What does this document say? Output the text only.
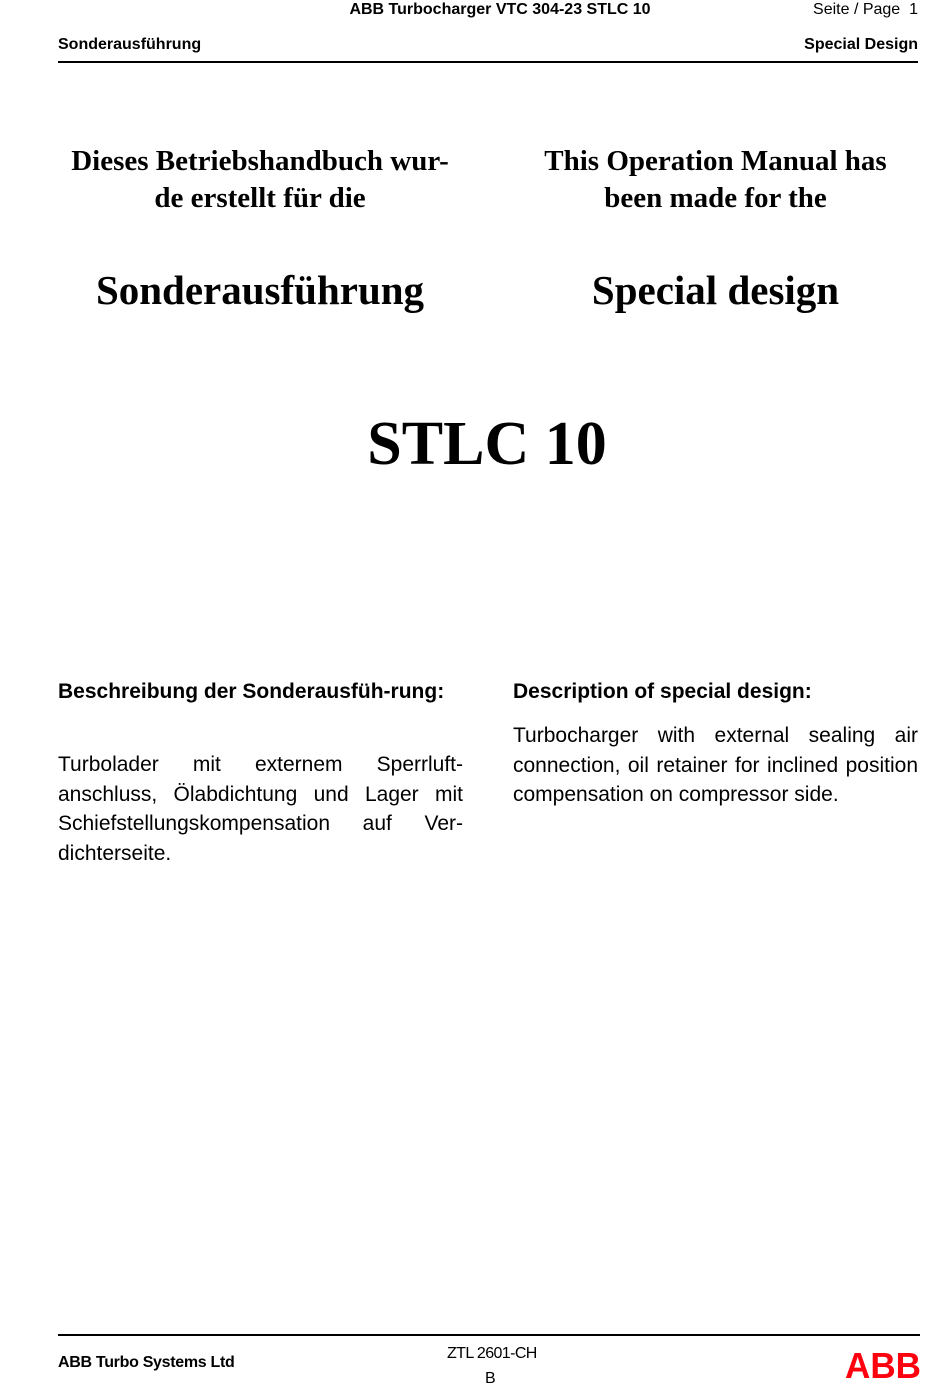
ABB Turbocharger VTC 304-23 STLC 10	Seite / Page  1
Sonderausführung	Special Design
Dieses Betriebshandbuch wur-de erstellt für die
This Operation Manual has been made for the
Sonderausführung	Special design
STLC 10
Beschreibung der Sonderausfüh-rung:
Turbolader mit externem Sperrluft-anschluss, Ölabdichtung und Lager mit Schiefstellungskompensation auf Ver-dichterseite.
Description of special design:
Turbocharger with external sealing air connection, oil retainer for inclined position compensation on compressor side.
ABB Turbo Systems Ltd
ZTL 2601-CH
B	ABB
